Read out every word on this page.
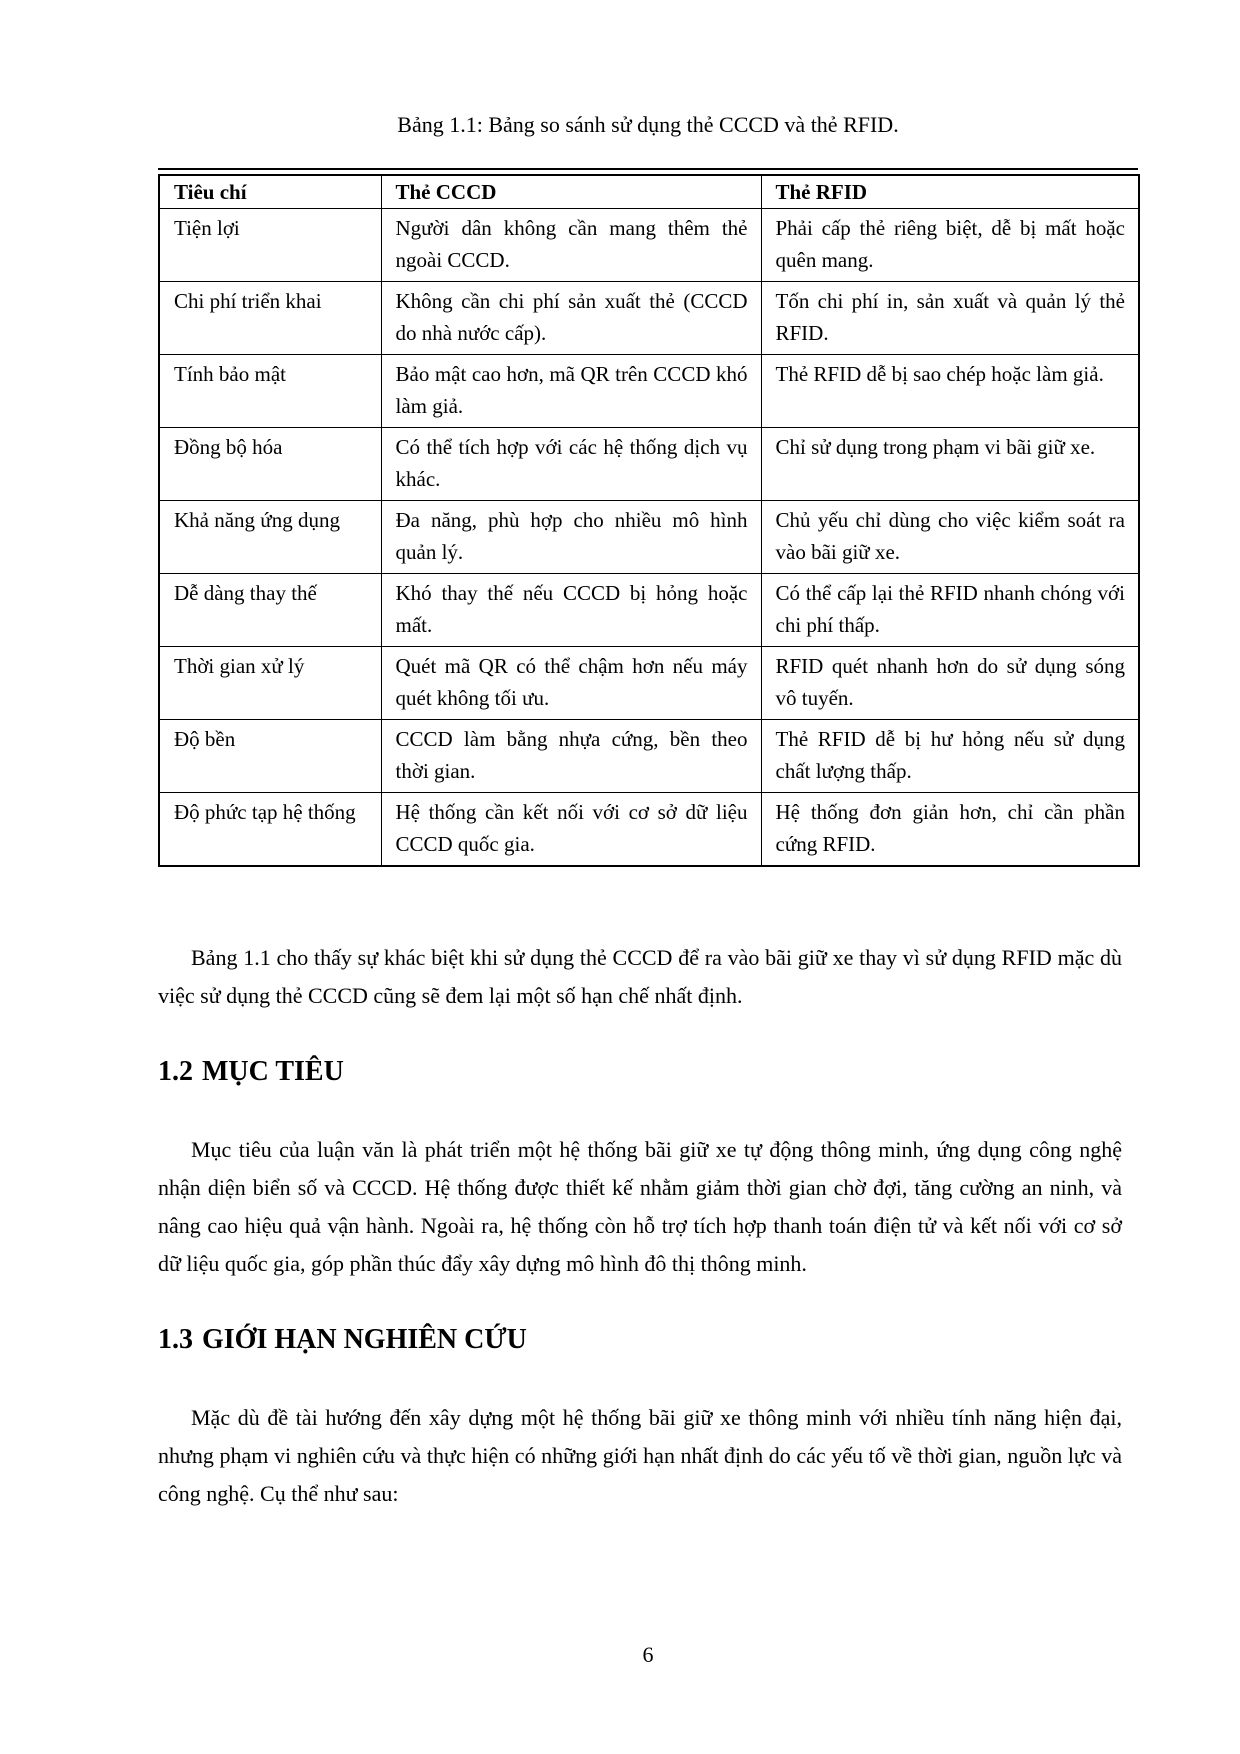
Bảng 1.1: Bảng so sánh sử dụng thẻ CCCD và thẻ RFID.

Tiêu chí	Thẻ CCCD	Thẻ RFID
Tiện lợi	Người dân không cần mang thêm thẻ ngoài CCCD.	Phải cấp thẻ riêng biệt, dễ bị mất hoặc quên mang.
Chi phí triển khai	Không cần chi phí sản xuất thẻ (CCCD do nhà nước cấp).	Tốn chi phí in, sản xuất và quản lý thẻ RFID.
Tính bảo mật	Bảo mật cao hơn, mã QR trên CCCD khó làm giả.	Thẻ RFID dễ bị sao chép hoặc làm giả.
Đồng bộ hóa	Có thể tích hợp với các hệ thống dịch vụ khác.	Chỉ sử dụng trong phạm vi bãi giữ xe.
Khả năng ứng dụng	Đa năng, phù hợp cho nhiều mô hình quản lý.	Chủ yếu chỉ dùng cho việc kiểm soát ra vào bãi giữ xe.
Dễ dàng thay thế	Khó thay thế nếu CCCD bị hỏng hoặc mất.	Có thể cấp lại thẻ RFID nhanh chóng với chi phí thấp.
Thời gian xử lý	Quét mã QR có thể chậm hơn nếu máy quét không tối ưu.	RFID quét nhanh hơn do sử dụng sóng vô tuyến.
Độ bền	CCCD làm bằng nhựa cứng, bền theo thời gian.	Thẻ RFID dễ bị hư hỏng nếu sử dụng chất lượng thấp.
Độ phức tạp hệ thống	Hệ thống cần kết nối với cơ sở dữ liệu CCCD quốc gia.	Hệ thống đơn giản hơn, chỉ cần phần cứng RFID.

Bảng 1.1 cho thấy sự khác biệt khi sử dụng thẻ CCCD để ra vào bãi giữ xe thay vì sử dụng RFID mặc dù việc sử dụng thẻ CCCD cũng sẽ đem lại một số hạn chế nhất định.

1.2 MỤC TIÊU

Mục tiêu của luận văn là phát triển một hệ thống bãi giữ xe tự động thông minh, ứng dụng công nghệ nhận diện biển số và CCCD. Hệ thống được thiết kế nhằm giảm thời gian chờ đợi, tăng cường an ninh, và nâng cao hiệu quả vận hành. Ngoài ra, hệ thống còn hỗ trợ tích hợp thanh toán điện tử và kết nối với cơ sở dữ liệu quốc gia, góp phần thúc đẩy xây dựng mô hình đô thị thông minh.

1.3 GIỚI HẠN NGHIÊN CỨU

Mặc dù đề tài hướng đến xây dựng một hệ thống bãi giữ xe thông minh với nhiều tính năng hiện đại, nhưng phạm vi nghiên cứu và thực hiện có những giới hạn nhất định do các yếu tố về thời gian, nguồn lực và công nghệ. Cụ thể như sau:

6
